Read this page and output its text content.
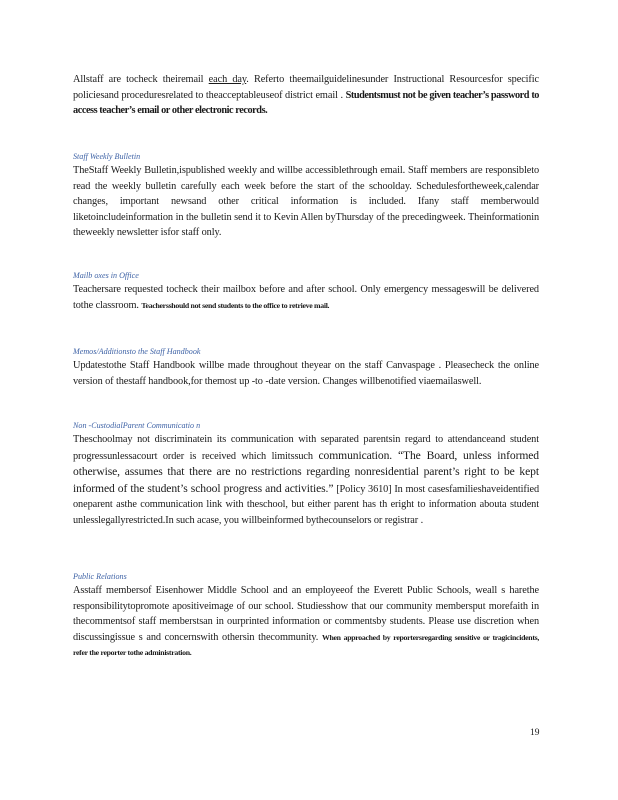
Allstaff are tocheck theiremail each day. Referto theemailguidelinesunder Instructional Resourcesfor specific policiesand proceduresrelated to theacceptableuseof district email . Studentsmust not be given teacher’s password to access teacher’s email or other electronic records.

Staff Weekly Bulletin

TheStaff Weekly Bulletin,ispublished weekly and willbe accessiblethrough email. Staff members are responsibleto read the weekly bulletin carefully each week before the start of the schoolday. Schedulesfortheweek,calendar changes, important newsand other critical information is included. Ifany staff memberwould liketoincludeinformation in the bulletin send it to Kevin Allen byThursday of the precedingweek. Theinformationin theweekly newsletter isfor staff only.

Mailb oxes in Office

Teachersare requested tocheck their mailbox before and after school. Only emergency messageswill be delivered tothe classroom. Teachersshould not send students to the office to retrieve mail.

Memos/Additionsto the Staff Handbook

Updatestothe Staff Handbook willbe made throughout theyear on the staff Canvaspage . Pleasecheck the online version of thestaff handbook,for themost up -to -date version. Changes willbenotified viaemailaswell.

Non -CustodialParent Communicatio n

Theschoolmay not discriminatein its communication with separated parentsin regard to attendanceand student progressunlessacourt order is received which limitssuch communication. “The Board, unless informed otherwise, assumes that there are no restrictions regarding nonresidential parent’s right to be kept informed of the student’s school progress and activities.” [Policy 3610] In most casesfamilieshaveidentified oneparent asthe communication link with theschool, but either parent has th eright to information abouta student unlesslegallyrestricted.In such acase, you willbeinformed bythecounselors or registrar .

Public Relations

Asstaff membersof Eisenhower Middle School and an employeeof the Everett Public Schools, weall s harethe responsibilitytopromote apositiveimage of our school. Studiesshow that our community membersput morefaith in thecommentsof staff memberstsan in ourprinted information or commentsby students. Please use discretion when discussingissue s and concernswith othersin thecommunity. When approached by reportersregarding sensitive or tragicincidents, refer the reporter tothe administration.

19
